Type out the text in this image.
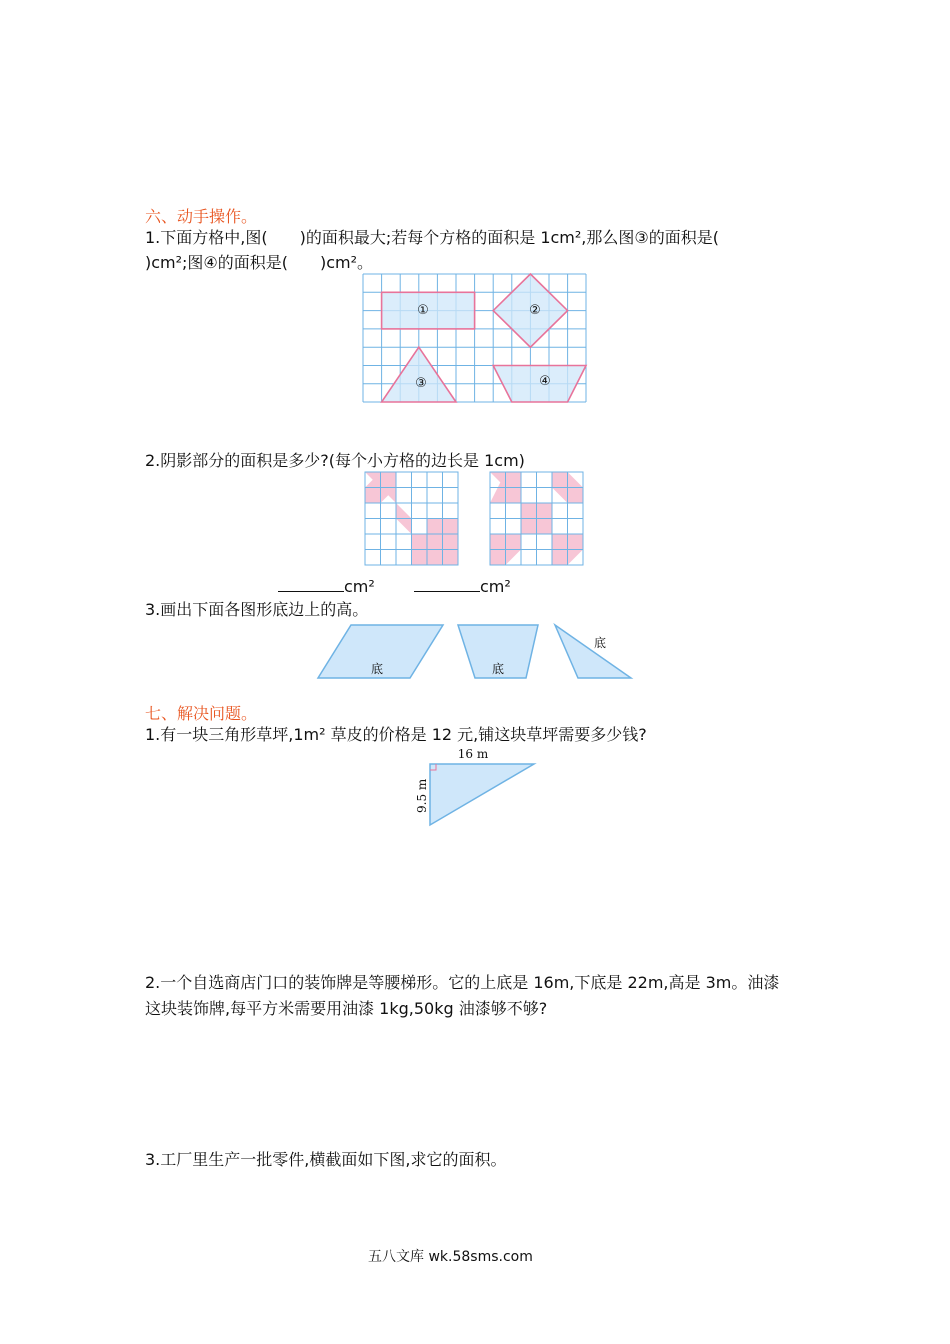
六、动手操作。
1.下面方格中,图(　　)的面积最大;若每个方格的面积是 1cm²,那么图③的面积是(
)cm²;图④的面积是(　　)cm²。
①	②
③	④
2.阴影部分的面积是多少?(每个小方格的边长是 1cm)
cm²	cm²
3.画出下面各图形底边上的高。
底	底
底
七、解决问题。
1.有一块三角形草坪,1m² 草皮的价格是 12 元,铺这块草坪需要多少钱?
16 m
9.5 m
2.一个自选商店门口的装饰牌是等腰梯形。它的上底是 16m,下底是 22m,高是 3m。油漆
这块装饰牌,每平方米需要用油漆 1kg,50kg 油漆够不够?
3.工厂里生产一批零件,横截面如下图,求它的面积。
五八文库 wk.58sms.com
